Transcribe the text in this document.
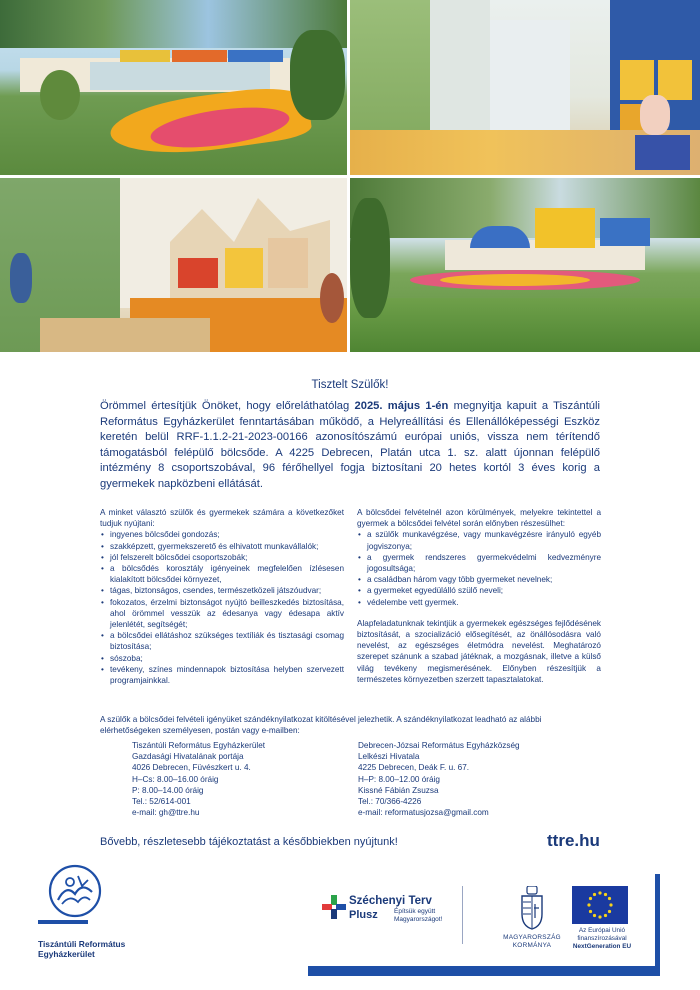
Tisztelt Szülők!
Örömmel értesítjük Önöket, hogy előreláthatólag 2025. május 1-én megnyitja kapuit a Tiszántúli Református Egyházkerület fenntartásában működő, a Helyreállítási és Ellenállóképességi Eszköz keretén belül RRF-1.1.2-21-2023-00166 azonosítószámú európai uniós, vissza nem térítendő támogatásból felépülő bölcsőde. A 4225 Debrecen, Platán utca 1. sz. alatt újonnan felépülő intézmény 8 csoportszobával, 96 férőhellyel fogja biztosítani 20 hetes kortól 3 éves korig a gyermekek napközbeni ellátását.

A minket választó szülők és gyermekek számára a következőket tudjuk nyújtani:

• ingyenes bölcsődei gondozás;
• szakképzett, gyermekszerető és elhivatott munkavállalók;
• jól felszerelt bölcsődei csoportszobák;
• a bölcsődés korosztály igényeinek megfelelően ízlésesen kialakított bölcsődei környezet,
• tágas, biztonságos, csendes, természetközeli játszóudvar;
• fokozatos, érzelmi biztonságot nyújtó beilleszkedés biztosítása, ahol örömmel vesszük az édesanya vagy édesapa aktív jelenlétét, segítségét;
• a bölcsődei ellátáshoz szükséges textíliák és tisztasági csomag biztosítása;
• sószoba;
• tevékeny, színes mindennapok biztosítása helyben szervezett programjainkkal.

A bölcsődei felvételnél azon körülmények, melyekre tekintettel a gyermek a bölcsődei felvétel során előnyben részesülhet:

• a szülők munkavégzése, vagy munkavégzésre irányuló egyéb jogviszonya;
• a gyermek rendszeres gyermekvédelmi kedvezményre jogosultsága;
• a családban három vagy több gyermeket nevelnek;
• a gyermeket egyedülálló szülő neveli;
• védelembe vett gyermek.

Alapfeladatunknak tekintjük a gyermekek egészséges fejlődésének biztosítását, a szocializáció elősegítését, az önállósodásra való nevelést, az egészséges életmódra nevelést. Meghatározó szerepet szánunk a szabad játéknak, a mozgásnak, illetve a külső világ tevékeny megismerésének. Előnyben részesítjük a természetes környezetben szerzett tapasztalatokat.

A szülők a bölcsődei felvételi igényüket szándéknyilatkozat kitöltésével jelezhetik. A szándéknyilatkozat leadható az alábbi elérhetőségeken személyesen, postán vagy e-mailben:
Tiszántúli Református Egyházkerület
Gazdasági Hivatalának portája
4026 Debrecen, Füvészkert u. 4.
H–Cs: 8.00–16.00 óráig
P: 8.00–14.00 óráig
Tel.: 52/614-001
e-mail: gh@ttre.hu
Debrecen-Józsai Református Egyházközség
Lelkészi Hivatala
4225 Debrecen, Deák F. u. 67.
H–P: 8.00–12.00 óráig
Kissné Fábián Zsuzsa
Tel.: 70/366-4226
e-mail: reformatusjozsa@gmail.com
Bővebb, részletesebb tájékoztatást a későbbiekben nyújtunk!	ttre.hu
Tiszántúli Református
Egyházkerület
Széchenyi Terv
Plusz	Építsük együtt Magyarországot!
MAGYARORSZÁG
KORMÁNYA
Az Európai Unió
finanszírozásával
NextGeneration EU
